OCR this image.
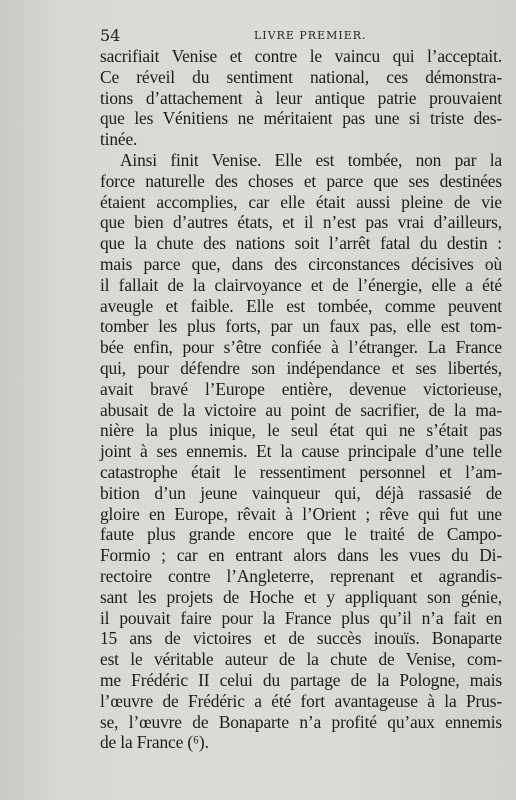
54	LIVRE PREMIER.
sacrifiait Venise et contre le vaincu qui l’acceptait.
Ce réveil du sentiment national, ces démonstra-
tions d’attachement à leur antique patrie prouvaient
que les Vénitiens ne méritaient pas une si triste des-
tinée.
Ainsi finit Venise. Elle est tombée, non par la
force naturelle des choses et parce que ses destinées
étaient accomplies, car elle était aussi pleine de vie
que bien d’autres états, et il n’est pas vrai d’ailleurs,
que la chute des nations soit l’arrêt fatal du destin :
mais parce que, dans des circonstances décisives où
il fallait de la clairvoyance et de l’énergie, elle a été
aveugle et faible. Elle est tombée, comme peuvent
tomber les plus forts, par un faux pas, elle est tom-
bée enfin, pour s’être confiée à l’étranger. La France
qui, pour défendre son indépendance et ses libertés,
avait bravé l’Europe entière, devenue victorieuse,
abusait de la victoire au point de sacrifier, de la ma-
nière la plus inique, le seul état qui ne s’était pas
joint à ses ennemis. Et la cause principale d’une telle
catastrophe était le ressentiment personnel et l’am-
bition d’un jeune vainqueur qui, déjà rassasié de
gloire en Europe, rêvait à l’Orient ; rêve qui fut une
faute plus grande encore que le traité de Campo-
Formio ; car en entrant alors dans les vues du Di-
rectoire contre l’Angleterre, reprenant et agrandis-
sant les projets de Hoche et y appliquant son génie,
il pouvait faire pour la France plus qu’il n’a fait en
15 ans de victoires et de succès inouïs. Bonaparte
est le véritable auteur de la chute de Venise, com-
me Frédéric II celui du partage de la Pologne, mais
l’œuvre de Frédéric a été fort avantageuse à la Prus-
se, l’œuvre de Bonaparte n’a profité qu’aux ennemis
de la France (⁶).
